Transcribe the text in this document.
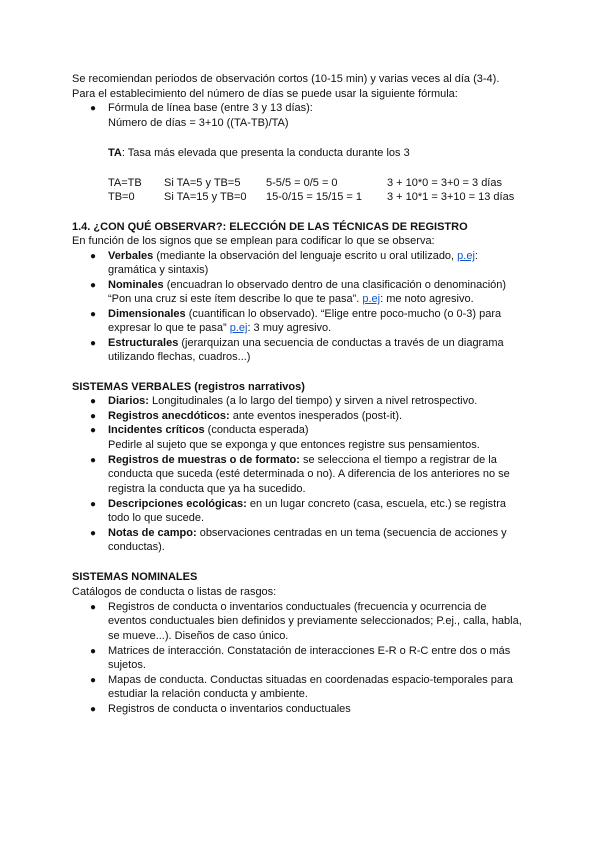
Se recomiendan periodos de observación cortos (10-15 min) y varias veces al día (3-4).
Para el establecimiento del número de días se puede usar la siguiente fórmula:
● Fórmula de línea base (entre 3 y 13 días):
Número de días = 3+10 ((TA-TB)/TA)
TA: Tasa más elevada que presenta la conducta durante los 3
TA=TB Si TA=5 y TB=5 5-5/5 = 0/5 = 0	3 + 10*0 = 3+0 = 3 días
TB=0	Si TA=15 y TB=0 15-0/15 = 15/15 = 1 3 + 10*1 = 3+10 = 13 días
1.4. ¿CON QUÉ OBSERVAR?: ELECCIÓN DE LAS TÉCNICAS DE REGISTRO
En función de los signos que se emplean para codificar lo que se observa:
● Verbales (mediante la observación del lenguaje escrito u oral utilizado, p.ej:
gramática y sintaxis)
● Nominales (encuadran lo observado dentro de una clasificación o denominación)
“Pon una cruz si este ítem describe lo que te pasa”. p.ej: me noto agresivo.
● Dimensionales (cuantifican lo observado). “Elige entre poco-mucho (o 0-3) para
expresar lo que te pasa” p.ej: 3 muy agresivo.
● Estructurales (jerarquizan una secuencia de conductas a través de un diagrama
utilizando flechas, cuadros...)
SISTEMAS VERBALES (registros narrativos)
● Diarios: Longitudinales (a lo largo del tiempo) y sirven a nivel retrospectivo.
● Registros anecdóticos: ante eventos inesperados (post-it).
● Incidentes críticos (conducta esperada)
Pedirle al sujeto que se exponga y que entonces registre sus pensamientos.
● Registros de muestras o de formato: se selecciona el tiempo a registrar de la
conducta que suceda (esté determinada o no). A diferencia de los anteriores no se
registra la conducta que ya ha sucedido.
● Descripciones ecológicas: en un lugar concreto (casa, escuela, etc.) se registra
todo lo que sucede.
● Notas de campo: observaciones centradas en un tema (secuencia de acciones y
conductas).
SISTEMAS NOMINALES
Catálogos de conducta o listas de rasgos:
● Registros de conducta o inventarios conductuales (frecuencia y ocurrencia de
eventos conductuales bien definidos y previamente seleccionados; P.ej., calla, habla,
se mueve...). Diseños de caso único.
● Matrices de interacción. Constatación de interacciones E-R o R-C entre dos o más
sujetos.
● Mapas de conducta. Conductas situadas en coordenadas espacio-temporales para
estudiar la relación conducta y ambiente.
● Registros de conducta o inventarios conductuales
